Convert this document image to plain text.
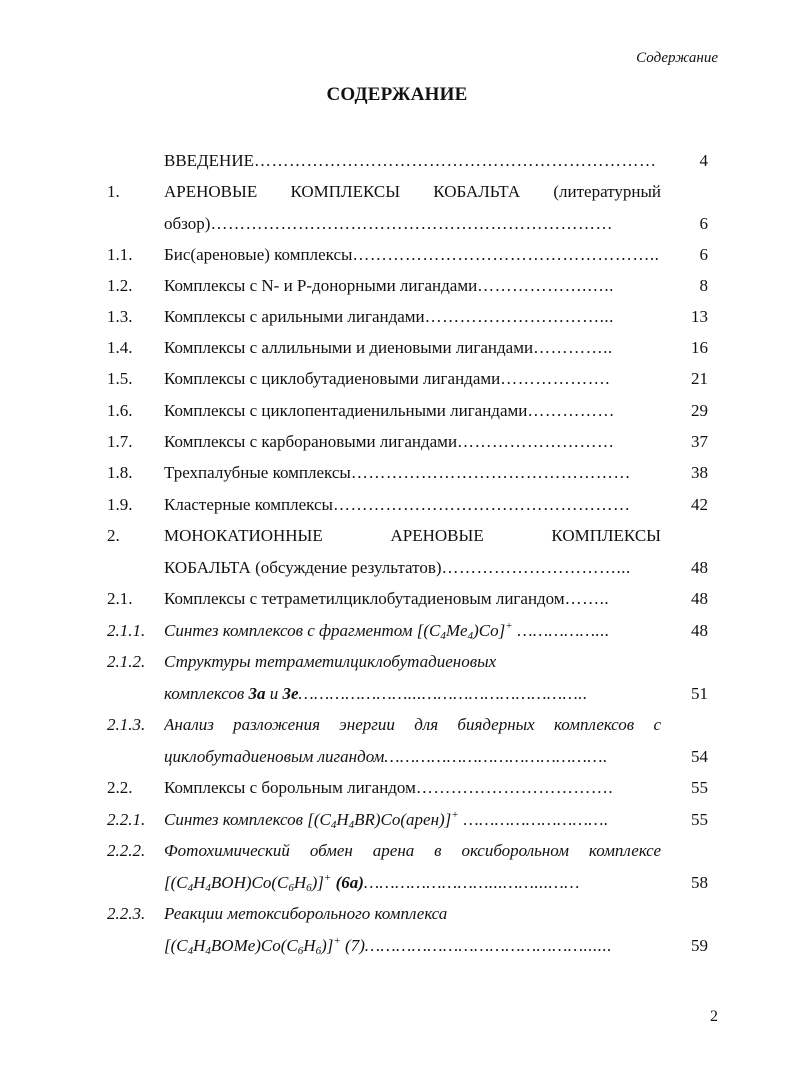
Содержание
СОДЕРЖАНИЕ
ВВЕДЕНИЕ……………………………………………………………	4
1.	АРЕНОВЫЕ КОМПЛЕКСЫ КОБАЛЬТА (литературный
обзор)……………………………………………………………	6
1.1. Бис(ареновые) комплексы……………………………………………..	6
1.2. Комплексы с N- и P-донорными лигандами……………….…..	8
1.3. Комплексы с арильными лигандами…………………………...	13
1.4. Комплексы с аллильными и диеновыми лигандами…………..	16
1.5. Комплексы с циклобутадиеновыми лигандами……………….	21
1.6. Комплексы с циклопентадиенильными лигандами……………	29
1.7. Комплексы с карборановыми лигандами………………………	37
1.8. Трехпалубные комплексы…………………………………………	38
1.9. Кластерные комплексы……………………………………………	42
2.	МОНОКАТИОННЫЕ АРЕНОВЫЕ КОМПЛЕКСЫ
КОБАЛЬТА (обсуждение результатов)…………………………...	48
2.1. Комплексы с тетраметилциклобутадиеновым лигандом……..	48
2.1.1. Синтез комплексов с фрагментом $[(C_4Me_4)Co]^+$ ……………...	48
2.1.2. Структуры тетраметилциклобутадиеновых
комплексов 3a и 3e…………………...…………………………..	51
2.1.3. Анализ разложения энергии для биядерных комплексов с
циклобутадиеновым лигандом…………………………………….	54
2.2. Комплексы с борольным лигандом…………………………….	55
2.2.1. Синтез комплексов $[(C_4H_4BR)Co(арен)]^+$ ……………………….	55
2.2.2. Фотохимический обмен арена в оксиборольном комплексе
$[(C_4H_4BOH)Co(C_6H_6)]^+$ (6a)……………………...……...……	58
2.2.3. Реакции метоксиборольного комплекса
$[(C_4H_4BOMe)Co(C_6H_6)]^+$ (7)……………………………………......	59
2
